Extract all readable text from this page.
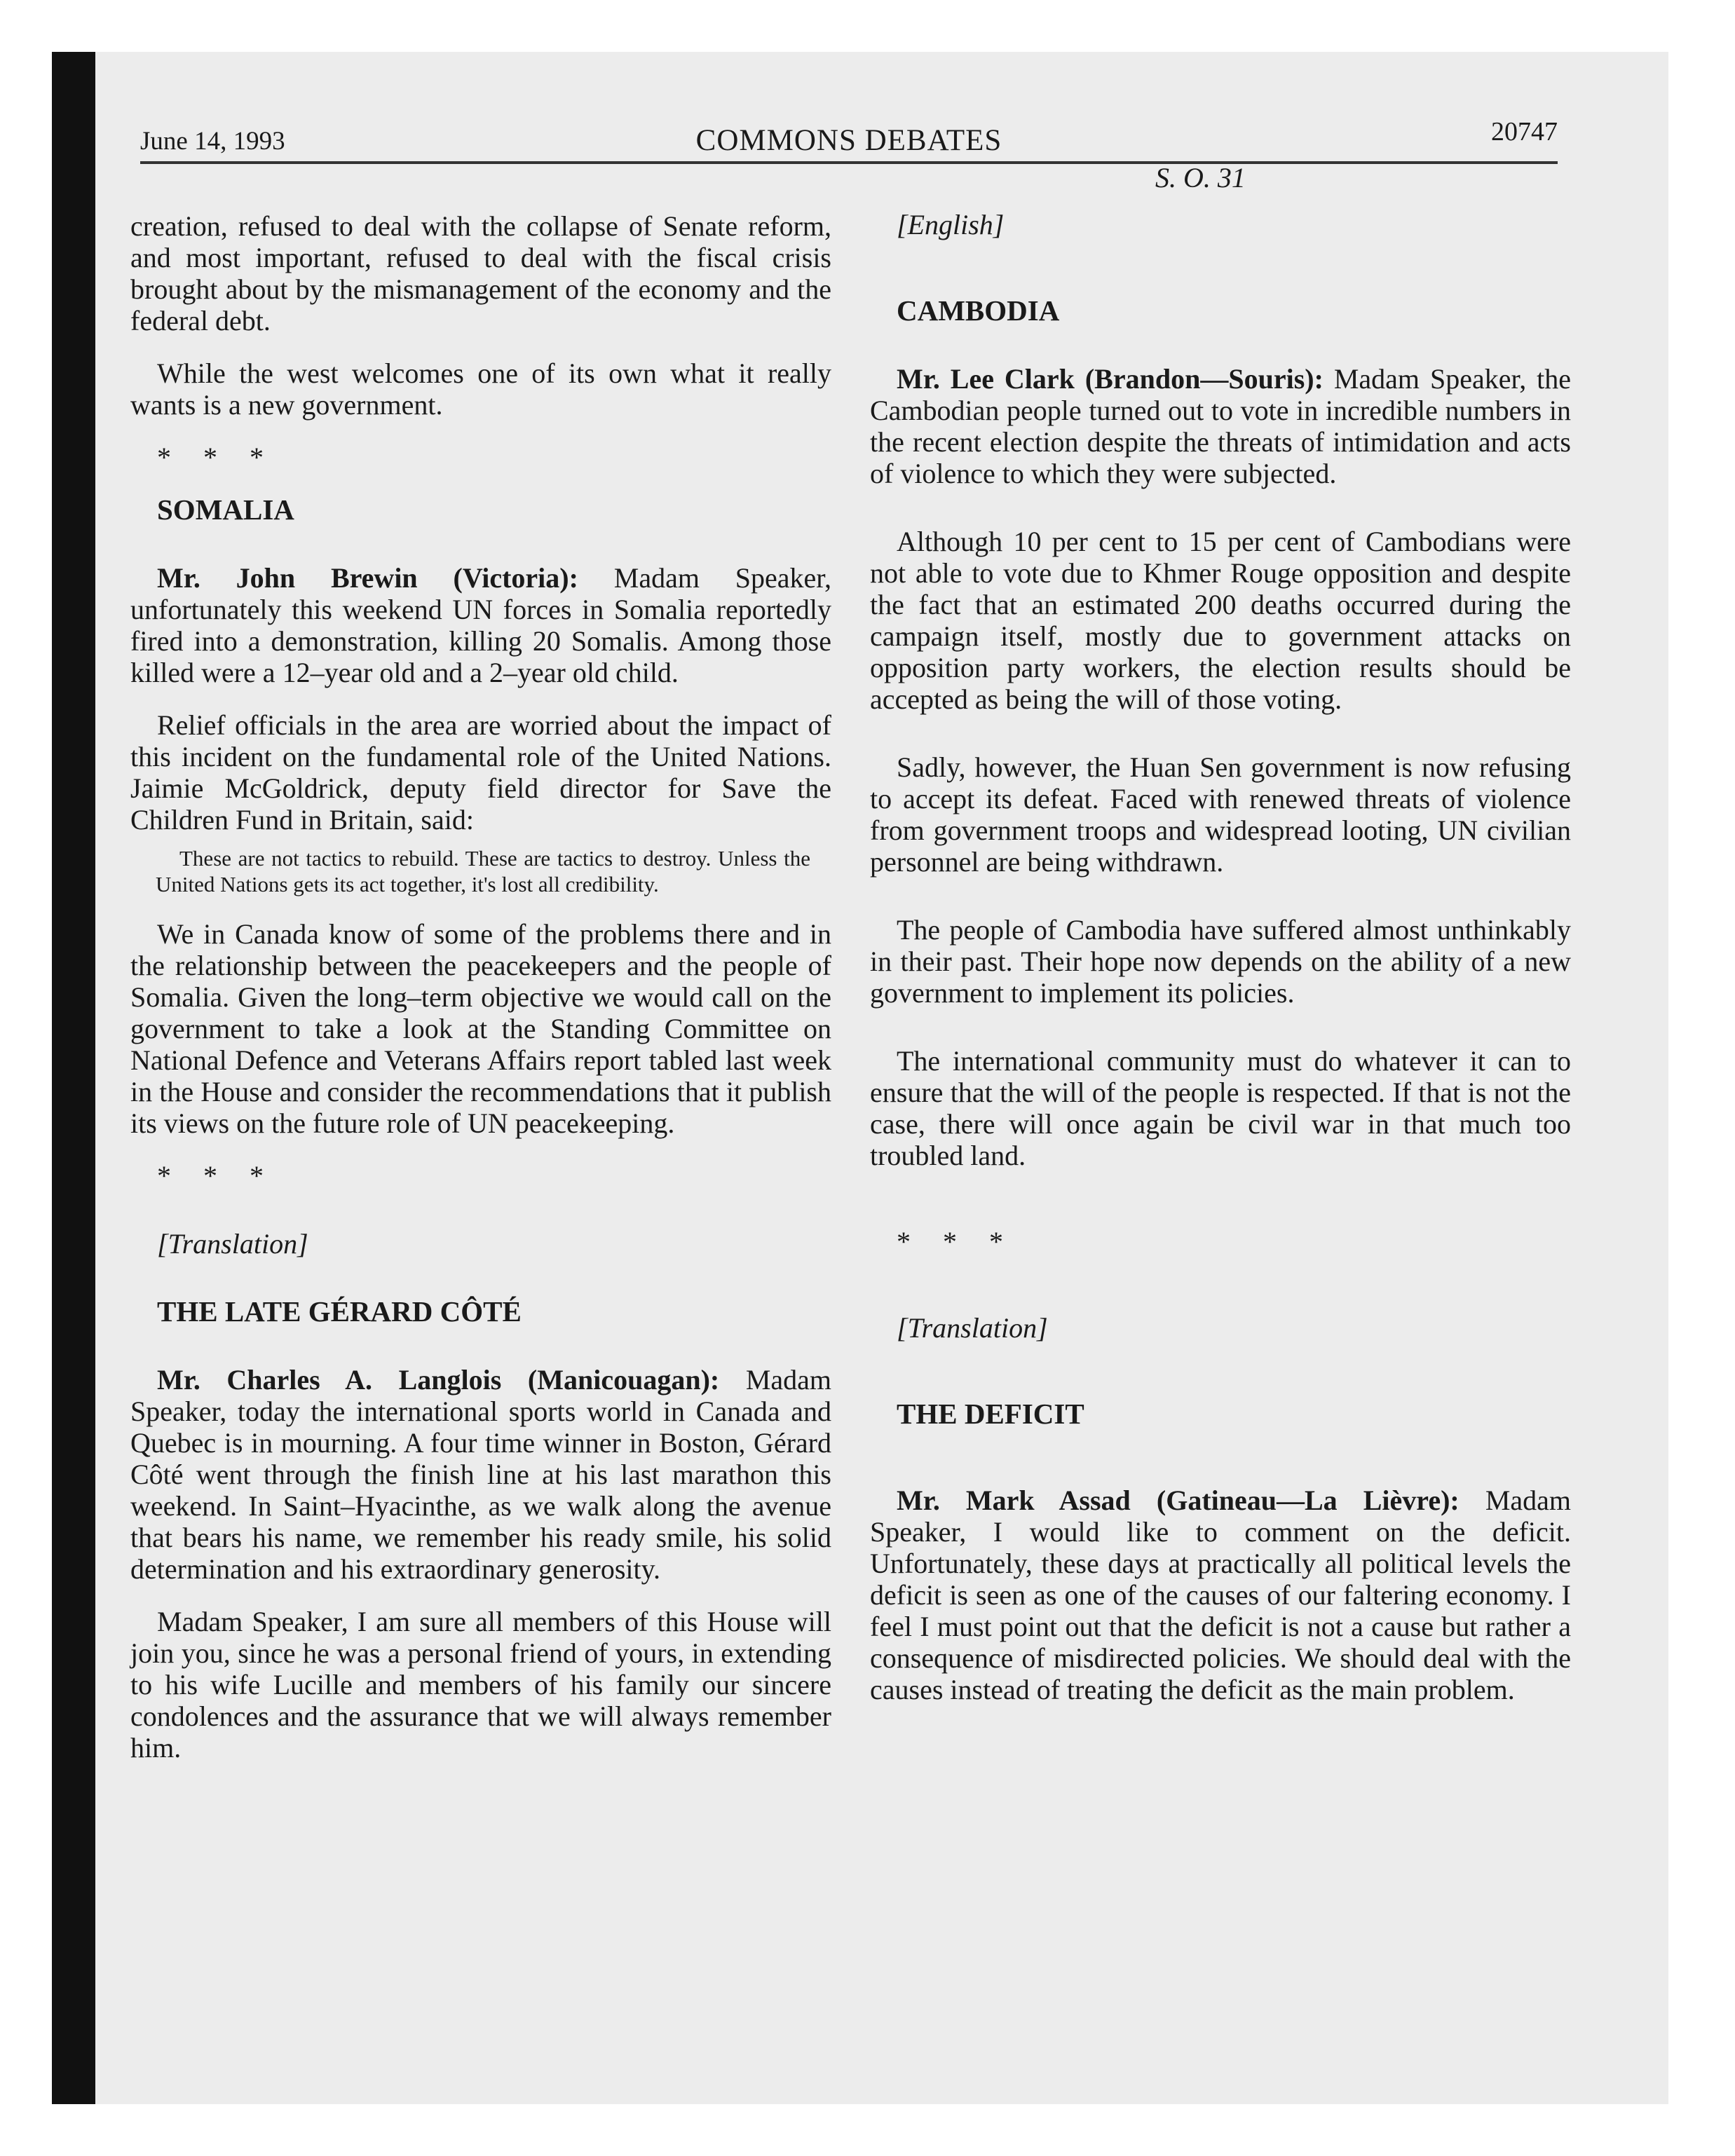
June 14, 1993	COMMONS DEBATES	20747
S. O. 31

creation, refused to deal with the collapse of Senate reform, and most important, refused to deal with the fiscal crisis brought about by the mismanagement of the economy and the federal debt.

While the west welcomes one of its own what it really wants is a new government.

* * *

SOMALIA

Mr. John Brewin (Victoria): Madam Speaker, unfortunately this weekend UN forces in Somalia reportedly fired into a demonstration, killing 20 Somalis. Among those killed were a 12–year old and a 2–year old child.

Relief officials in the area are worried about the impact of this incident on the fundamental role of the United Nations. Jaimie McGoldrick, deputy field director for Save the Children Fund in Britain, said:

These are not tactics to rebuild. These are tactics to destroy. Unless the United Nations gets its act together, it's lost all credibility.

We in Canada know of some of the problems there and in the relationship between the peacekeepers and the people of Somalia. Given the long–term objective we would call on the government to take a look at the Standing Committee on National Defence and Veterans Affairs report tabled last week in the House and consider the recommendations that it publish its views on the future role of UN peacekeeping.

* * *

[Translation]

THE LATE GÉRARD CÔTÉ

Mr. Charles A. Langlois (Manicouagan): Madam Speaker, today the international sports world in Canada and Quebec is in mourning. A four time winner in Boston, Gérard Côté went through the finish line at his last marathon this weekend. In Saint–Hyacinthe, as we walk along the avenue that bears his name, we remember his ready smile, his solid determination and his extraordinary generosity.

Madam Speaker, I am sure all members of this House will join you, since he was a personal friend of yours, in extending to his wife Lucille and members of his family our sincere condolences and the assurance that we will always remember him.

[English]

CAMBODIA

Mr. Lee Clark (Brandon—Souris): Madam Speaker, the Cambodian people turned out to vote in incredible numbers in the recent election despite the threats of intimidation and acts of violence to which they were subjected.

Although 10 per cent to 15 per cent of Cambodians were not able to vote due to Khmer Rouge opposition and despite the fact that an estimated 200 deaths occurred during the campaign itself, mostly due to government attacks on opposition party workers, the election results should be accepted as being the will of those voting.

Sadly, however, the Huan Sen government is now refusing to accept its defeat. Faced with renewed threats of violence from government troops and widespread looting, UN civilian personnel are being withdrawn.

The people of Cambodia have suffered almost unthinkably in their past. Their hope now depends on the ability of a new government to implement its policies.

The international community must do whatever it can to ensure that the will of the people is respected. If that is not the case, there will once again be civil war in that much too troubled land.

* * *

[Translation]

THE DEFICIT

Mr. Mark Assad (Gatineau—La Lièvre): Madam Speaker, I would like to comment on the deficit. Unfortunately, these days at practically all political levels the deficit is seen as one of the causes of our faltering economy. I feel I must point out that the deficit is not a cause but rather a consequence of misdirected policies. We should deal with the causes instead of treating the deficit as the main problem.
